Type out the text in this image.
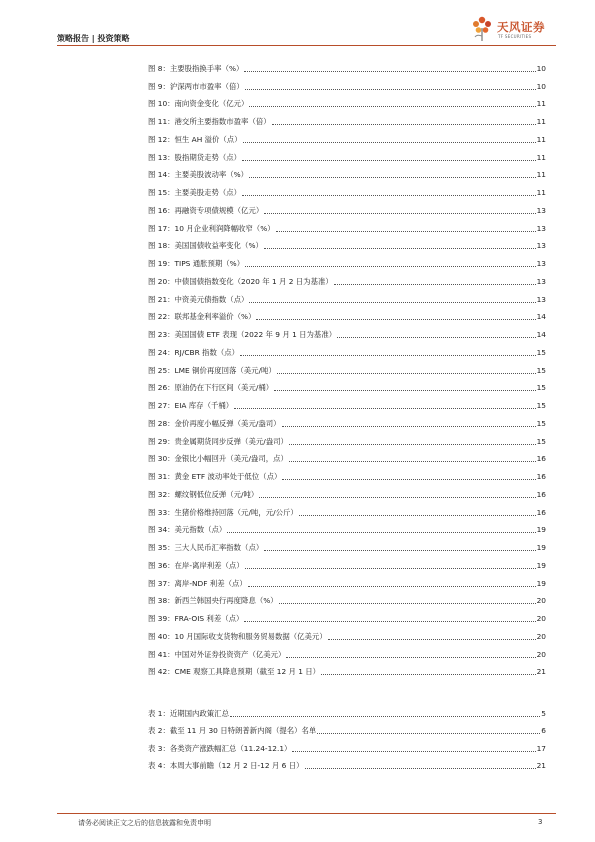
策略报告 | 投资策略
天风证券
TF SECURITIES
图 8：主要股指换手率（%）	10
图 9：沪深两市市盈率（倍）	10
图 10：南向资金变化（亿元）	11
图 11：港交所主要指数市盈率（倍）	11
图 12：恒生 AH 溢价（点）	11
图 13：股指期货走势（点）	11
图 14：主要美股波动率（%）	11
图 15：主要美股走势（点）	11
图 16：再融资专项债规模（亿元）	13
图 17：10 月企业利润降幅收窄（%）	13
图 18：美国国债收益率变化（%）	13
图 19：TIPS 通胀预期（%）	13
图 20：中债国债指数变化（2020 年 1 月 2 日为基准）	13
图 21：中资美元债指数（点）	13
图 22：联邦基金利率溢价（%）	14
图 23：美国国债 ETF 表现（2022 年 9 月 1 日为基准）	14
图 24：RJ/CBR 指数（点）	15
图 25：LME 铜价再度回落（美元/吨）	15
图 26：原油仍在下行区间（美元/桶）	15
图 27：EIA 库存（千桶）	15
图 28：金价再度小幅反弹（美元/盎司）	15
图 29：贵金属期货同步反弹（美元/盎司）	15
图 30：金银比小幅回升（美元/盎司，点）	16
图 31：黄金 ETF 波动率处于低位（点）	16
图 32：螺纹钢低位反弹（元/吨）	16
图 33：生猪价格维持回落（元/吨，元/公斤）	16
图 34：美元指数（点）	19
图 35：三大人民币汇率指数（点）	19
图 36：在岸-离岸利差（点）	19
图 37：离岸-NDF 利差（点）	19
图 38：新西兰韩国央行再度降息（%）	20
图 39：FRA-OIS 利差（点）	20
图 40：10 月国际收支货物和服务贸易数据（亿美元）	20
图 41：中国对外证券投资资产（亿美元）	20
图 42：CME 观察工具降息预期（截至 12 月 1 日）	21
表 1：近期国内政策汇总	5
表 2：截至 11 月 30 日特朗普新内阁（提名）名单	6
表 3：各类资产涨跌幅汇总（11.24-12.1）	17
表 4：本周大事前瞻（12 月 2 日-12 月 6 日）	21
请务必阅读正文之后的信息披露和免责申明	3
